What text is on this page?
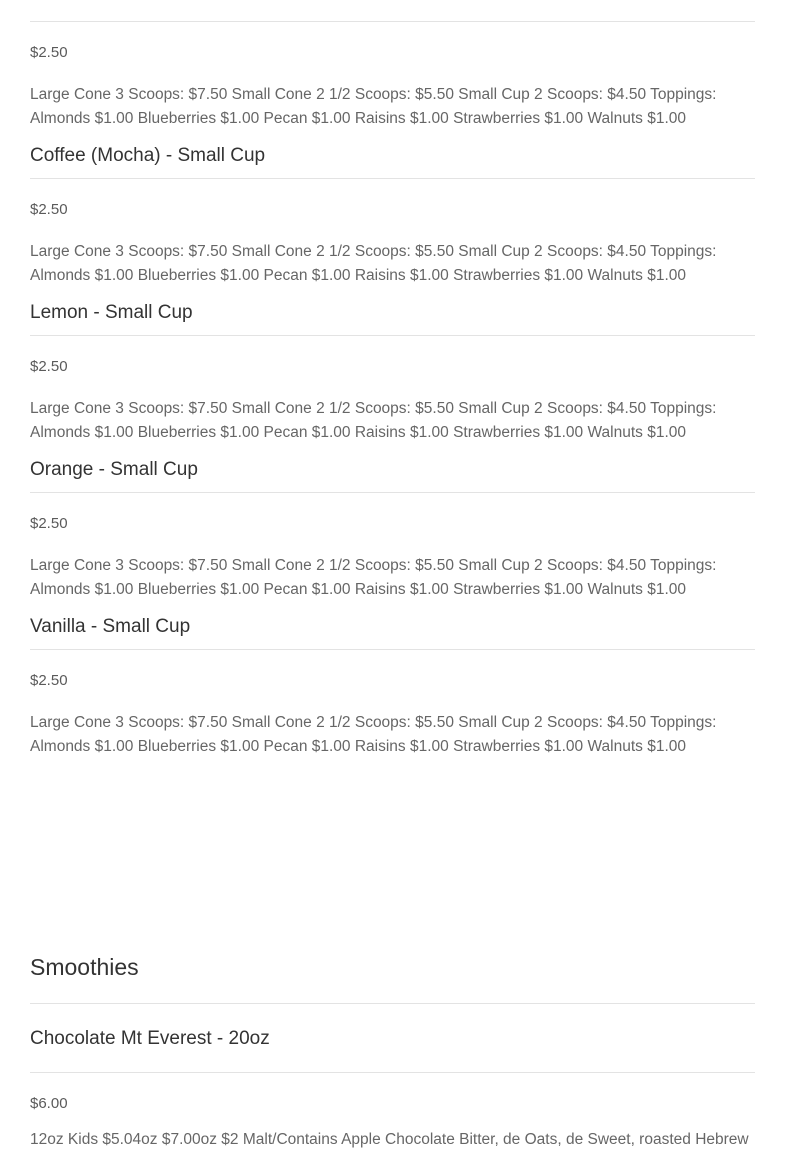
$2.50
Large Cone 3 Scoops: $7.50 Small Cone 2 1/2 Scoops: $5.50 Small Cup 2 Scoops: $4.50 Toppings: Almonds $1.00 Blueberries $1.00 Pecan $1.00 Raisins $1.00 Strawberries $1.00 Walnuts $1.00
Coffee (Mocha) - Small Cup
$2.50
Large Cone 3 Scoops: $7.50 Small Cone 2 1/2 Scoops: $5.50 Small Cup 2 Scoops: $4.50 Toppings: Almonds $1.00 Blueberries $1.00 Pecan $1.00 Raisins $1.00 Strawberries $1.00 Walnuts $1.00
Lemon - Small Cup
$2.50
Large Cone 3 Scoops: $7.50 Small Cone 2 1/2 Scoops: $5.50 Small Cup 2 Scoops: $4.50 Toppings: Almonds $1.00 Blueberries $1.00 Pecan $1.00 Raisins $1.00 Strawberries $1.00 Walnuts $1.00
Orange - Small Cup
$2.50
Large Cone 3 Scoops: $7.50 Small Cone 2 1/2 Scoops: $5.50 Small Cup 2 Scoops: $4.50 Toppings: Almonds $1.00 Blueberries $1.00 Pecan $1.00 Raisins $1.00 Strawberries $1.00 Walnuts $1.00
Vanilla - Small Cup
$2.50
Large Cone 3 Scoops: $7.50 Small Cone 2 1/2 Scoops: $5.50 Small Cup 2 Scoops: $4.50 Toppings: Almonds $1.00 Blueberries $1.00 Pecan $1.00 Raisins $1.00 Strawberries $1.00 Walnuts $1.00
Smoothies
Chocolate Mt Everest - 20oz
$6.00
12oz Kids $5.04oz $7.00oz $2 Malt/Contains Apple Chocolate Bitter, de Oats, de Sweet, roasted Hebrew
